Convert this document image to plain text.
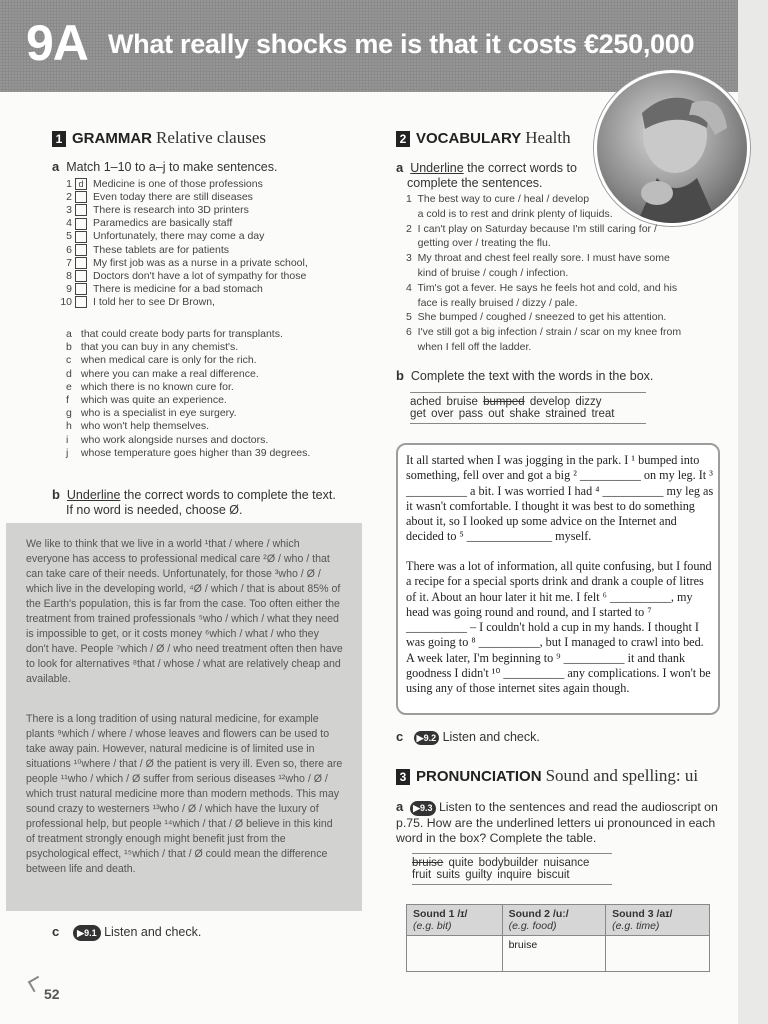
9A What really shocks me is that it costs €250,000
1 GRAMMAR Relative clauses
a Match 1–10 to a–j to make sentences.
1 d Medicine is one of those professions
2 Even today there are still diseases
3 There is research into 3D printers
4 Paramedics are basically staff
5 Unfortunately, there may come a day
6 These tablets are for patients
7 My first job was as a nurse in a private school,
8 Doctors don't have a lot of sympathy for those
9 There is medicine for a bad stomach
10 I told her to see Dr Brown,
a that could create body parts for transplants.
b that you can buy in any chemist's.
c when medical care is only for the rich.
d where you can make a real difference.
e which there is no known cure for.
f which was quite an experience.
g who is a specialist in eye surgery.
h who won't help themselves.
i who work alongside nurses and doctors.
j whose temperature goes higher than 39 degrees.
b Underline the correct words to complete the text.
If no word is needed, choose Ø.
We like to think that we live in a world ¹that / where / which everyone has access to professional medical care ²Ø / who / that can take care of their needs. Unfortunately, for those ³who / Ø / which live in the developing world, ⁴Ø / which / that is about 85% of the Earth's population, this is far from the case. Too often either the treatment from trained professionals ⁵who / which / what they need is impossible to get, or it costs money ⁶which / what / who they don't have. People ⁷which / Ø / who need treatment often then have to look for alternatives ⁸that / whose / what are relatively cheap and available.
There is a long tradition of using natural medicine, for example plants ⁹which / where / whose leaves and flowers can be used to take away pain. However, natural medicine is of limited use in situations ¹⁰where / that / Ø the patient is very ill. Even so, there are people ¹¹who / which / Ø suffer from serious diseases ¹²who / Ø / which trust natural medicine more than modern methods. This may sound crazy to westerners ¹³who / Ø / which have the luxury of professional help, but people ¹⁴which / that / Ø believe in this kind of treatment strongly enough might benefit just from the psychological effect, ¹⁵which / that / Ø could mean the difference between life and death.
c ▶9.1 Listen and check.
2 VOCABULARY Health
a Underline the correct words to
complete the sentences.
1  The best way to cure / heal / develop
a cold is to rest and drink plenty of liquids.
2  I can't play on Saturday because I'm still caring for /
getting over / treating the flu.
3  My throat and chest feel really sore. I must have some
kind of bruise / cough / infection.
4  Tim's got a fever. He says he feels hot and cold, and his
face is really bruised / dizzy / pale.
5  She bumped / coughed / sneezed to get his attention.
6  I've still got a big infection / strain / scar on my knee from
when I fell off the ladder.
b Complete the text with the words in the box.
ached bruise bumped develop dizzy
get over pass out shake strained treat
It all started when I was jogging in the park. I ¹ bumped into something, fell over and got a big ² __________ on my leg. It ³ __________ a bit. I was worried I had ⁴ __________ my leg as it wasn't comfortable. I thought it was best to do something about it, so I looked up some advice on the Internet and decided to ⁵ ______________ myself.
There was a lot of information, all quite confusing, but I found a recipe for a special sports drink and drank a couple of litres of it. About an hour later it hit me. I felt ⁶ __________, my head was going round and round, and I started to ⁷ __________ – I couldn't hold a cup in my hands. I thought I was going to ⁸ __________, but I managed to crawl into bed. A week later, I'm beginning to ⁹ __________ it and thank goodness I didn't ¹⁰ __________ any complications. I won't be using any of those internet sites again though.
c ▶9.2 Listen and check.
3 PRONUNCIATION Sound and spelling: ui
a ▶9.3 Listen to the sentences and read the audioscript on p.75. How are the underlined letters ui pronounced in each word in the box? Complete the table.
bruise quite bodybuilder nuisance
fruit suits guilty inquire biscuit
Sound 1 /ɪ/
(e.g. bit)	Sound 2 /uː/
(e.g. food)	Sound 3 /aɪ/
(e.g. time)
	bruise	
52
